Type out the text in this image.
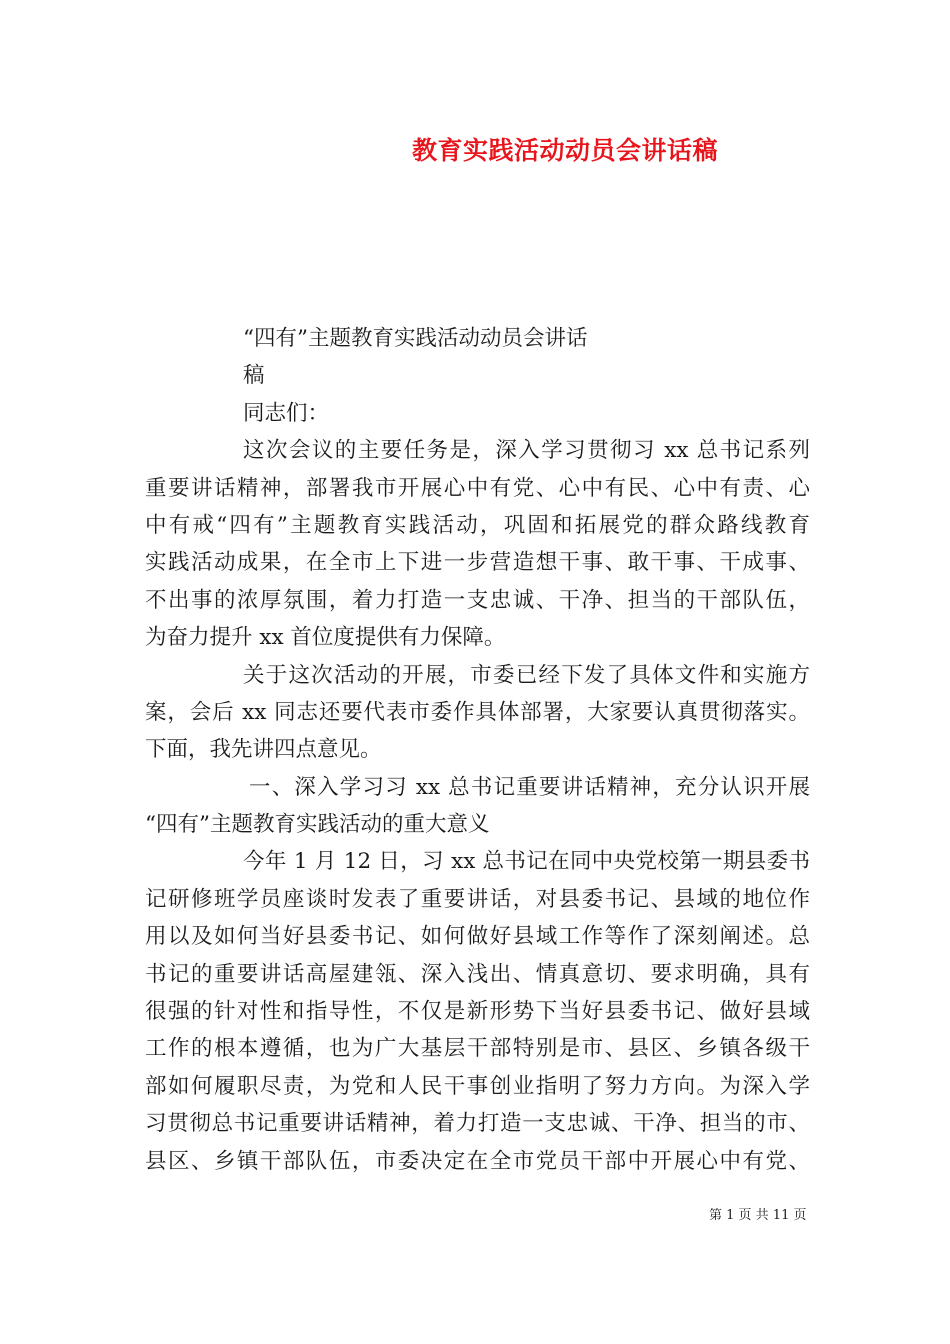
教育实践活动动员会讲话稿
“四有”主题教育实践活动动员会讲话
稿
同志们：
这次会议的主要任务是，深入学习贯彻习 xx 总书记系列
重要讲话精神，部署我市开展心中有党、心中有民、心中有责、心
中有戒“四有”主题教育实践活动，巩固和拓展党的群众路线教育
实践活动成果，在全市上下进一步营造想干事、敢干事、干成事、
不出事的浓厚氛围，着力打造一支忠诚、干净、担当的干部队伍，
为奋力提升 xx 首位度提供有力保障。
关于这次活动的开展，市委已经下发了具体文件和实施方
案，会后 xx 同志还要代表市委作具体部署，大家要认真贯彻落实。
下面，我先讲四点意见。
一、深入学习习 xx 总书记重要讲话精神，充分认识开展
“四有”主题教育实践活动的重大意义
今年 1 月 12 日，习 xx 总书记在同中央党校第一期县委书
记研修班学员座谈时发表了重要讲话，对县委书记、县域的地位作
用以及如何当好县委书记、如何做好县域工作等作了深刻阐述。总
书记的重要讲话高屋建瓴、深入浅出、情真意切、要求明确，具有
很强的针对性和指导性，不仅是新形势下当好县委书记、做好县域
工作的根本遵循，也为广大基层干部特别是市、县区、乡镇各级干
部如何履职尽责，为党和人民干事创业指明了努力方向。为深入学
习贯彻总书记重要讲话精神，着力打造一支忠诚、干净、担当的市、
县区、乡镇干部队伍，市委决定在全市党员干部中开展心中有党、
第 1 页 共 11 页
